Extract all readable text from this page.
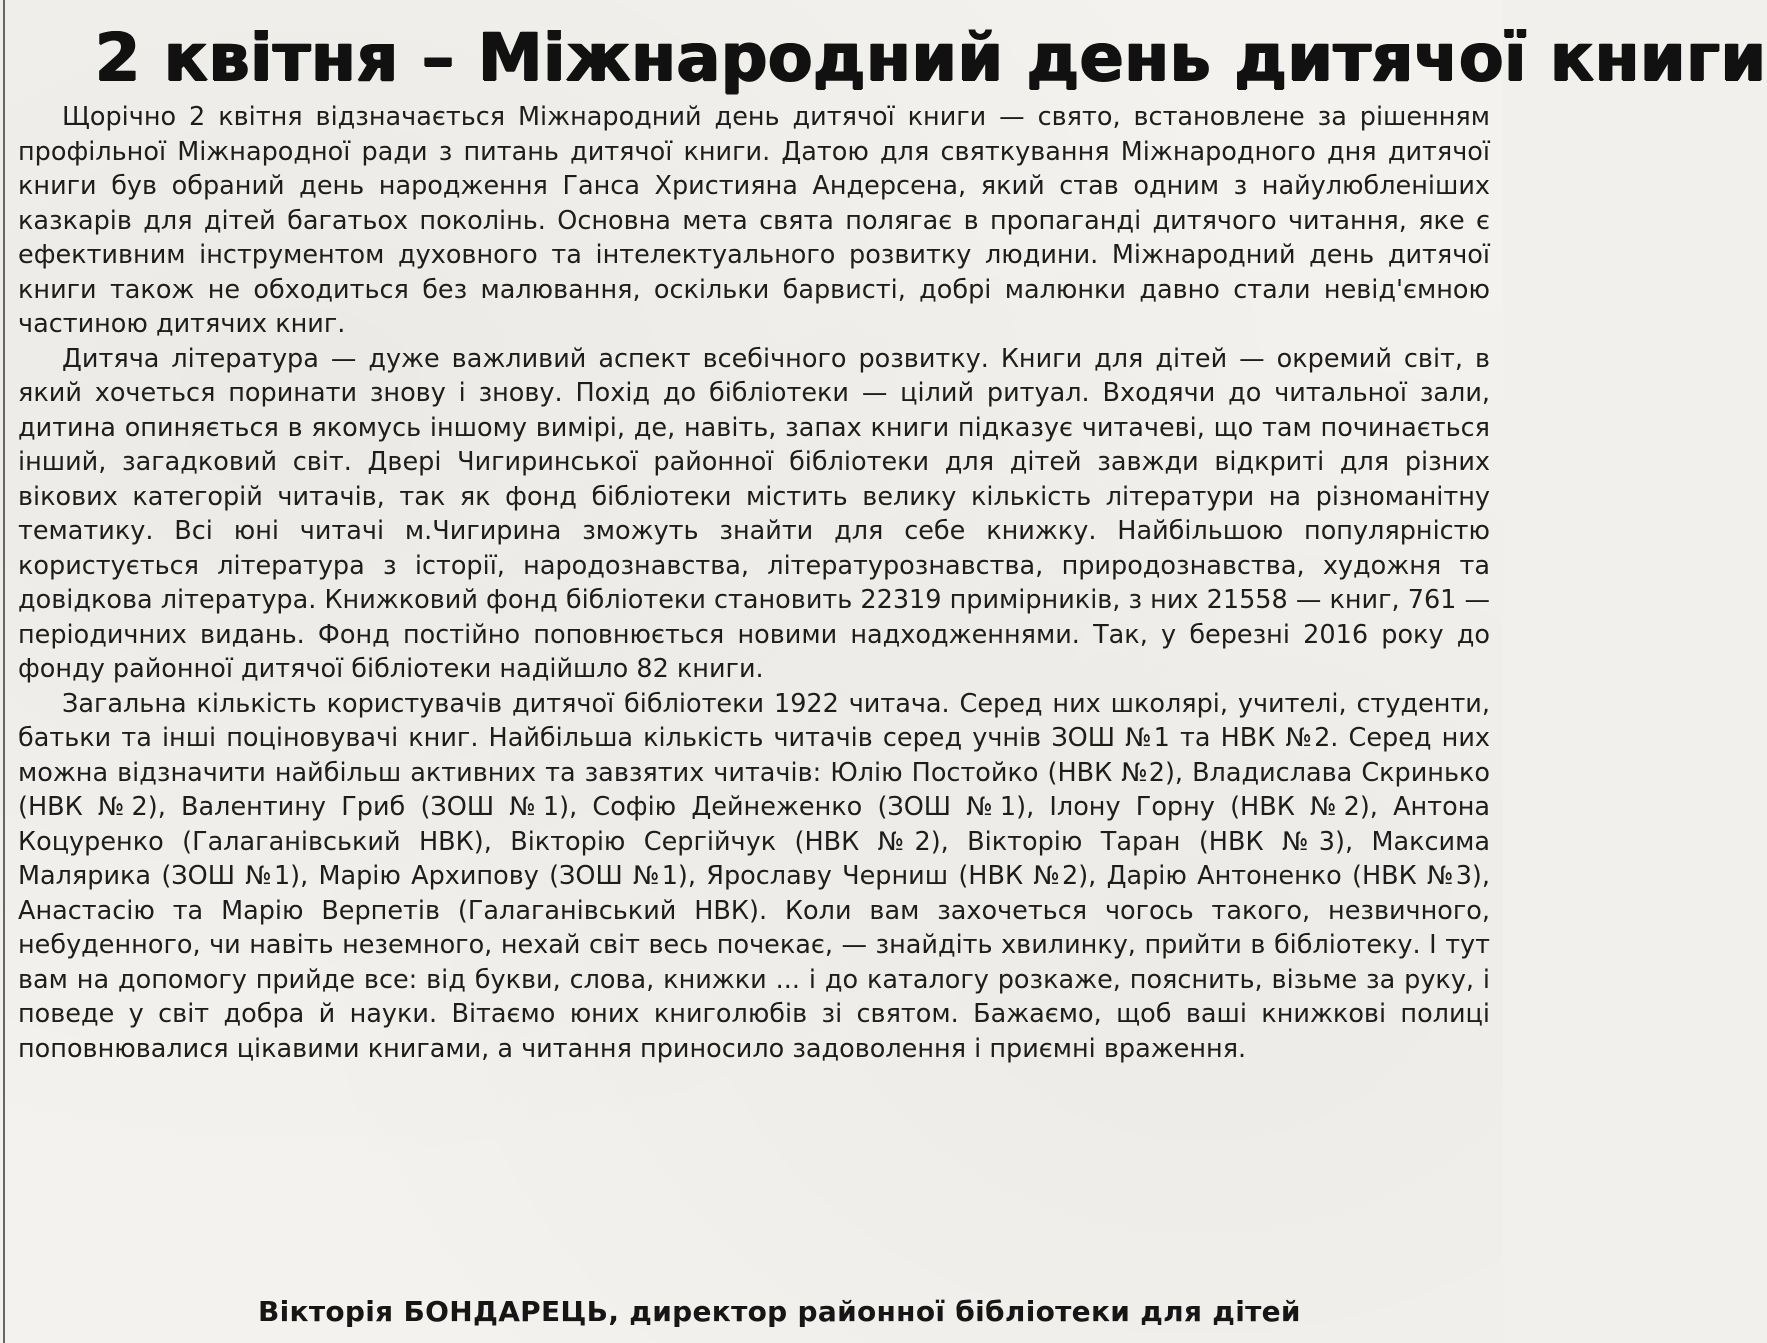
2 квітня – Міжнародний день дитячої книги

Щорічно 2 квітня відзначається Міжнародний день дитячої книги — свято, встановлене за рішенням профільної Міжнародної ради з питань дитячої книги. Датою для святкування Міжнародного дня дитячої книги був обраний день народження Ганса Християна Андерсена, який став одним з найулюбленіших казкарів для дітей багатьох поколінь. Основна мета свята полягає в пропаганді дитячого читання, яке є ефективним інструментом духовного та інтелектуального розвитку людини. Міжнародний день дитячої книги також не обходиться без малювання, оскільки барвисті, добрі малюнки давно стали невід'ємною частиною дитячих книг.

Дитяча література — дуже важливий аспект всебічного розвитку. Книги для дітей — окремий світ, в який хочеться поринати знову і знову. Похід до бібліотеки — цілий ритуал. Входячи до читальної зали, дитина опиняється в якомусь іншому вимірі, де, навіть, запах книги підказує читачеві, що там починається інший, загадковий світ. Двері Чигиринської районної бібліотеки для дітей завжди відкриті для різних вікових категорій читачів, так як фонд бібліотеки містить велику кількість літератури на різноманітну тематику. Всі юні читачі м.Чигирина зможуть знайти для себе книжку. Найбільшою популярністю користується література з історії, народознавства, літературознавства, природознавства, художня та довідкова література. Книжковий фонд бібліотеки становить 22319 примірників, з них 21558 — книг, 761 — періодичних видань. Фонд постійно поповнюється новими надходженнями. Так, у березні 2016 року до фонду районної дитячої бібліотеки надійшло 82 книги.

Загальна кількість користувачів дитячої бібліотеки 1922 читача. Серед них школярі, учителі, студенти, батьки та інші поціновувачі книг. Найбільша кількість читачів серед учнів ЗОШ №1 та НВК №2. Серед них можна відзначити найбільш активних та завзятих читачів: Юлію Постойко (НВК №2), Владислава Скринько (НВК №2), Валентину Гриб (ЗОШ №1), Софію Дейнеженко (ЗОШ №1), Ілону Горну (НВК №2), Антона Коцуренко (Галаганівський НВК), Вікторію Сергійчук (НВК №2), Вікторію Таран (НВК №3), Максима Малярика (ЗОШ №1), Марію Архипову (ЗОШ №1), Ярославу Черниш (НВК №2), Дарію Антоненко (НВК №3), Анастасію та Марію Верпетів (Галаганівський НВК). Коли вам захочеться чогось такого, незвичного, небуденного, чи навіть неземного, нехай світ весь почекає, — знайдіть хвилинку, прийти в бібліотеку. І тут вам на допомогу прийде все: від букви, слова, книжки ... і до каталогу розкаже, пояснить, візьме за руку, і поведе у світ добра й науки. Вітаємо юних книголюбів зі святом. Бажаємо, щоб ваші книжкові полиці поповнювалися цікавими книгами, а читання приносило задоволення і приємні враження.

Вікторія БОНДАРЕЦЬ, директор районної бібліотеки для дітей
